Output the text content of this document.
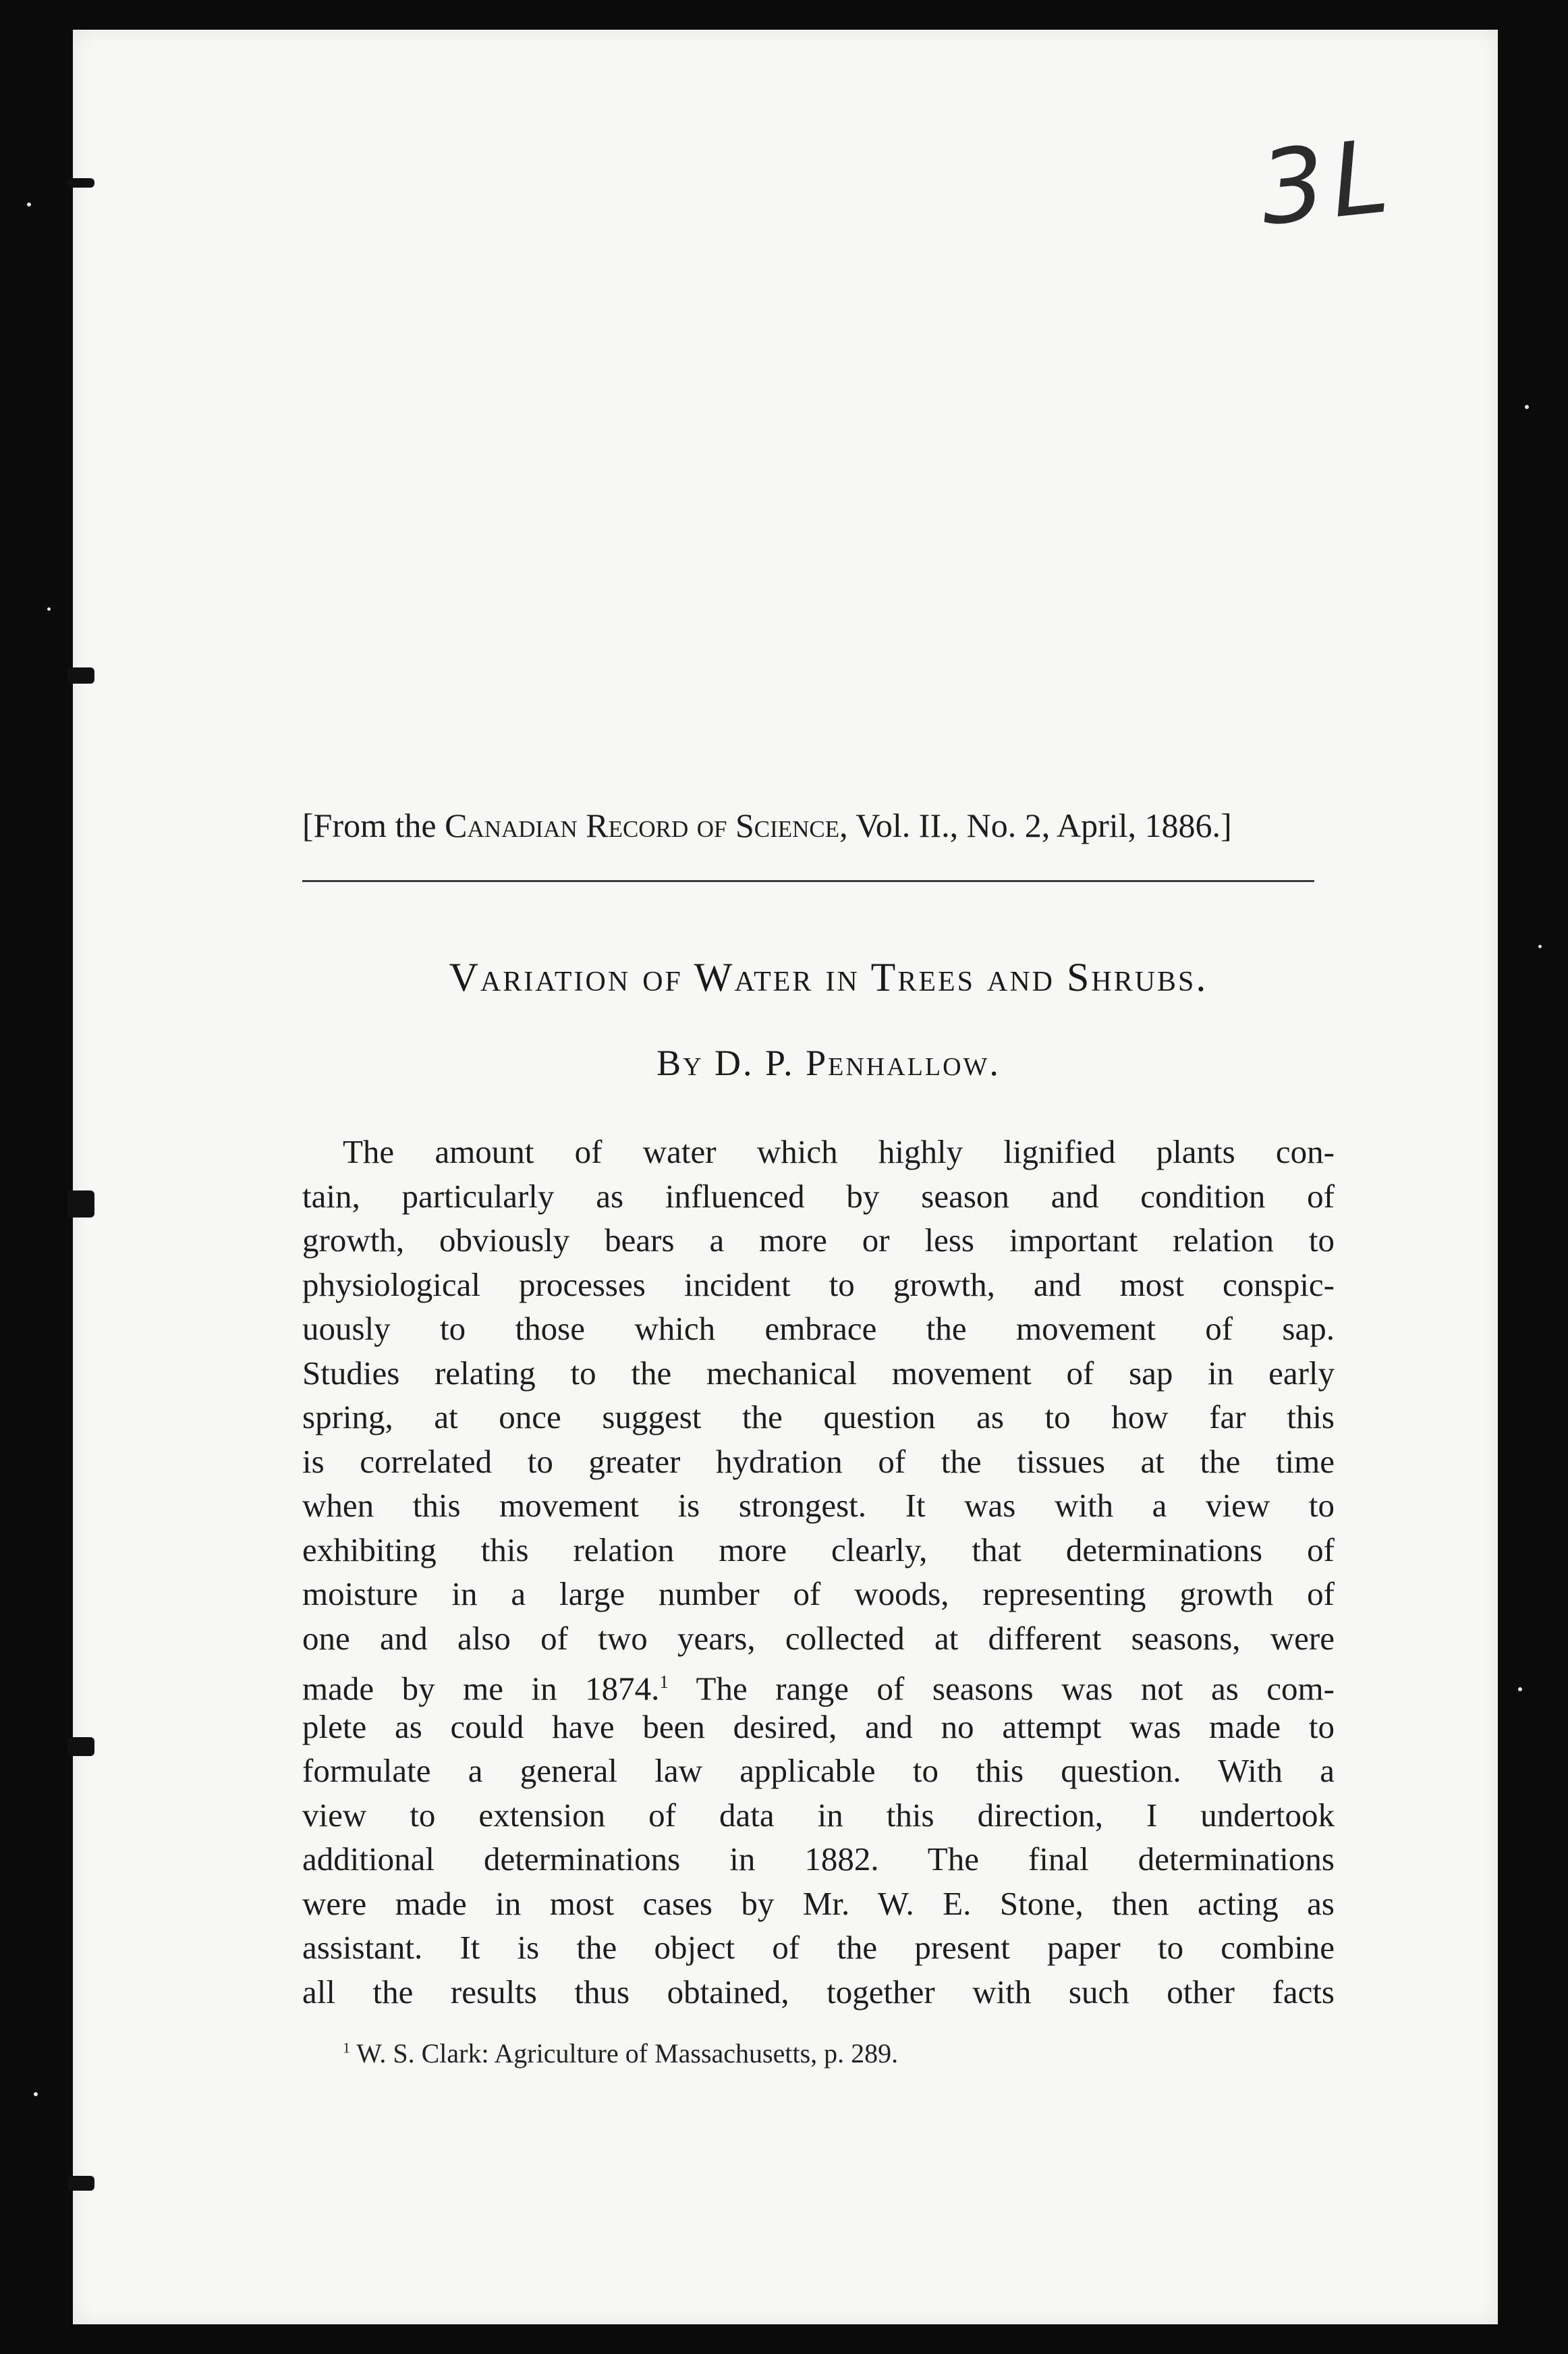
3L
[From the Canadian Record of Science, Vol. II., No. 2, April, 1886.]
Variation of Water in Trees and Shrubs.
By D. P. Penhallow.
The amount of water which highly lignified plants con-
tain, particularly as influenced by season and condition of
growth, obviously bears a more or less important relation to
physiological processes incident to growth, and most conspic-
uously to those which embrace the movement of sap.
Studies relating to the mechanical movement of sap in early
spring, at once suggest the question as to how far this
is correlated to greater hydration of the tissues at the time
when this movement is strongest. It was with a view to
exhibiting this relation more clearly, that determinations of
moisture in a large number of woods, representing growth of
one and also of two years, collected at different seasons, were
made by me in 1874.$^1$ The range of seasons was not as com-
plete as could have been desired, and no attempt was made to
formulate a general law applicable to this question. With a
view to extension of data in this direction, I undertook
additional determinations in 1882. The final determinations
were made in most cases by Mr. W. E. Stone, then acting as
assistant. It is the object of the present paper to combine
all the results thus obtained, together with such other facts
$^1$ W. S. Clark: Agriculture of Massachusetts, p. 289.
